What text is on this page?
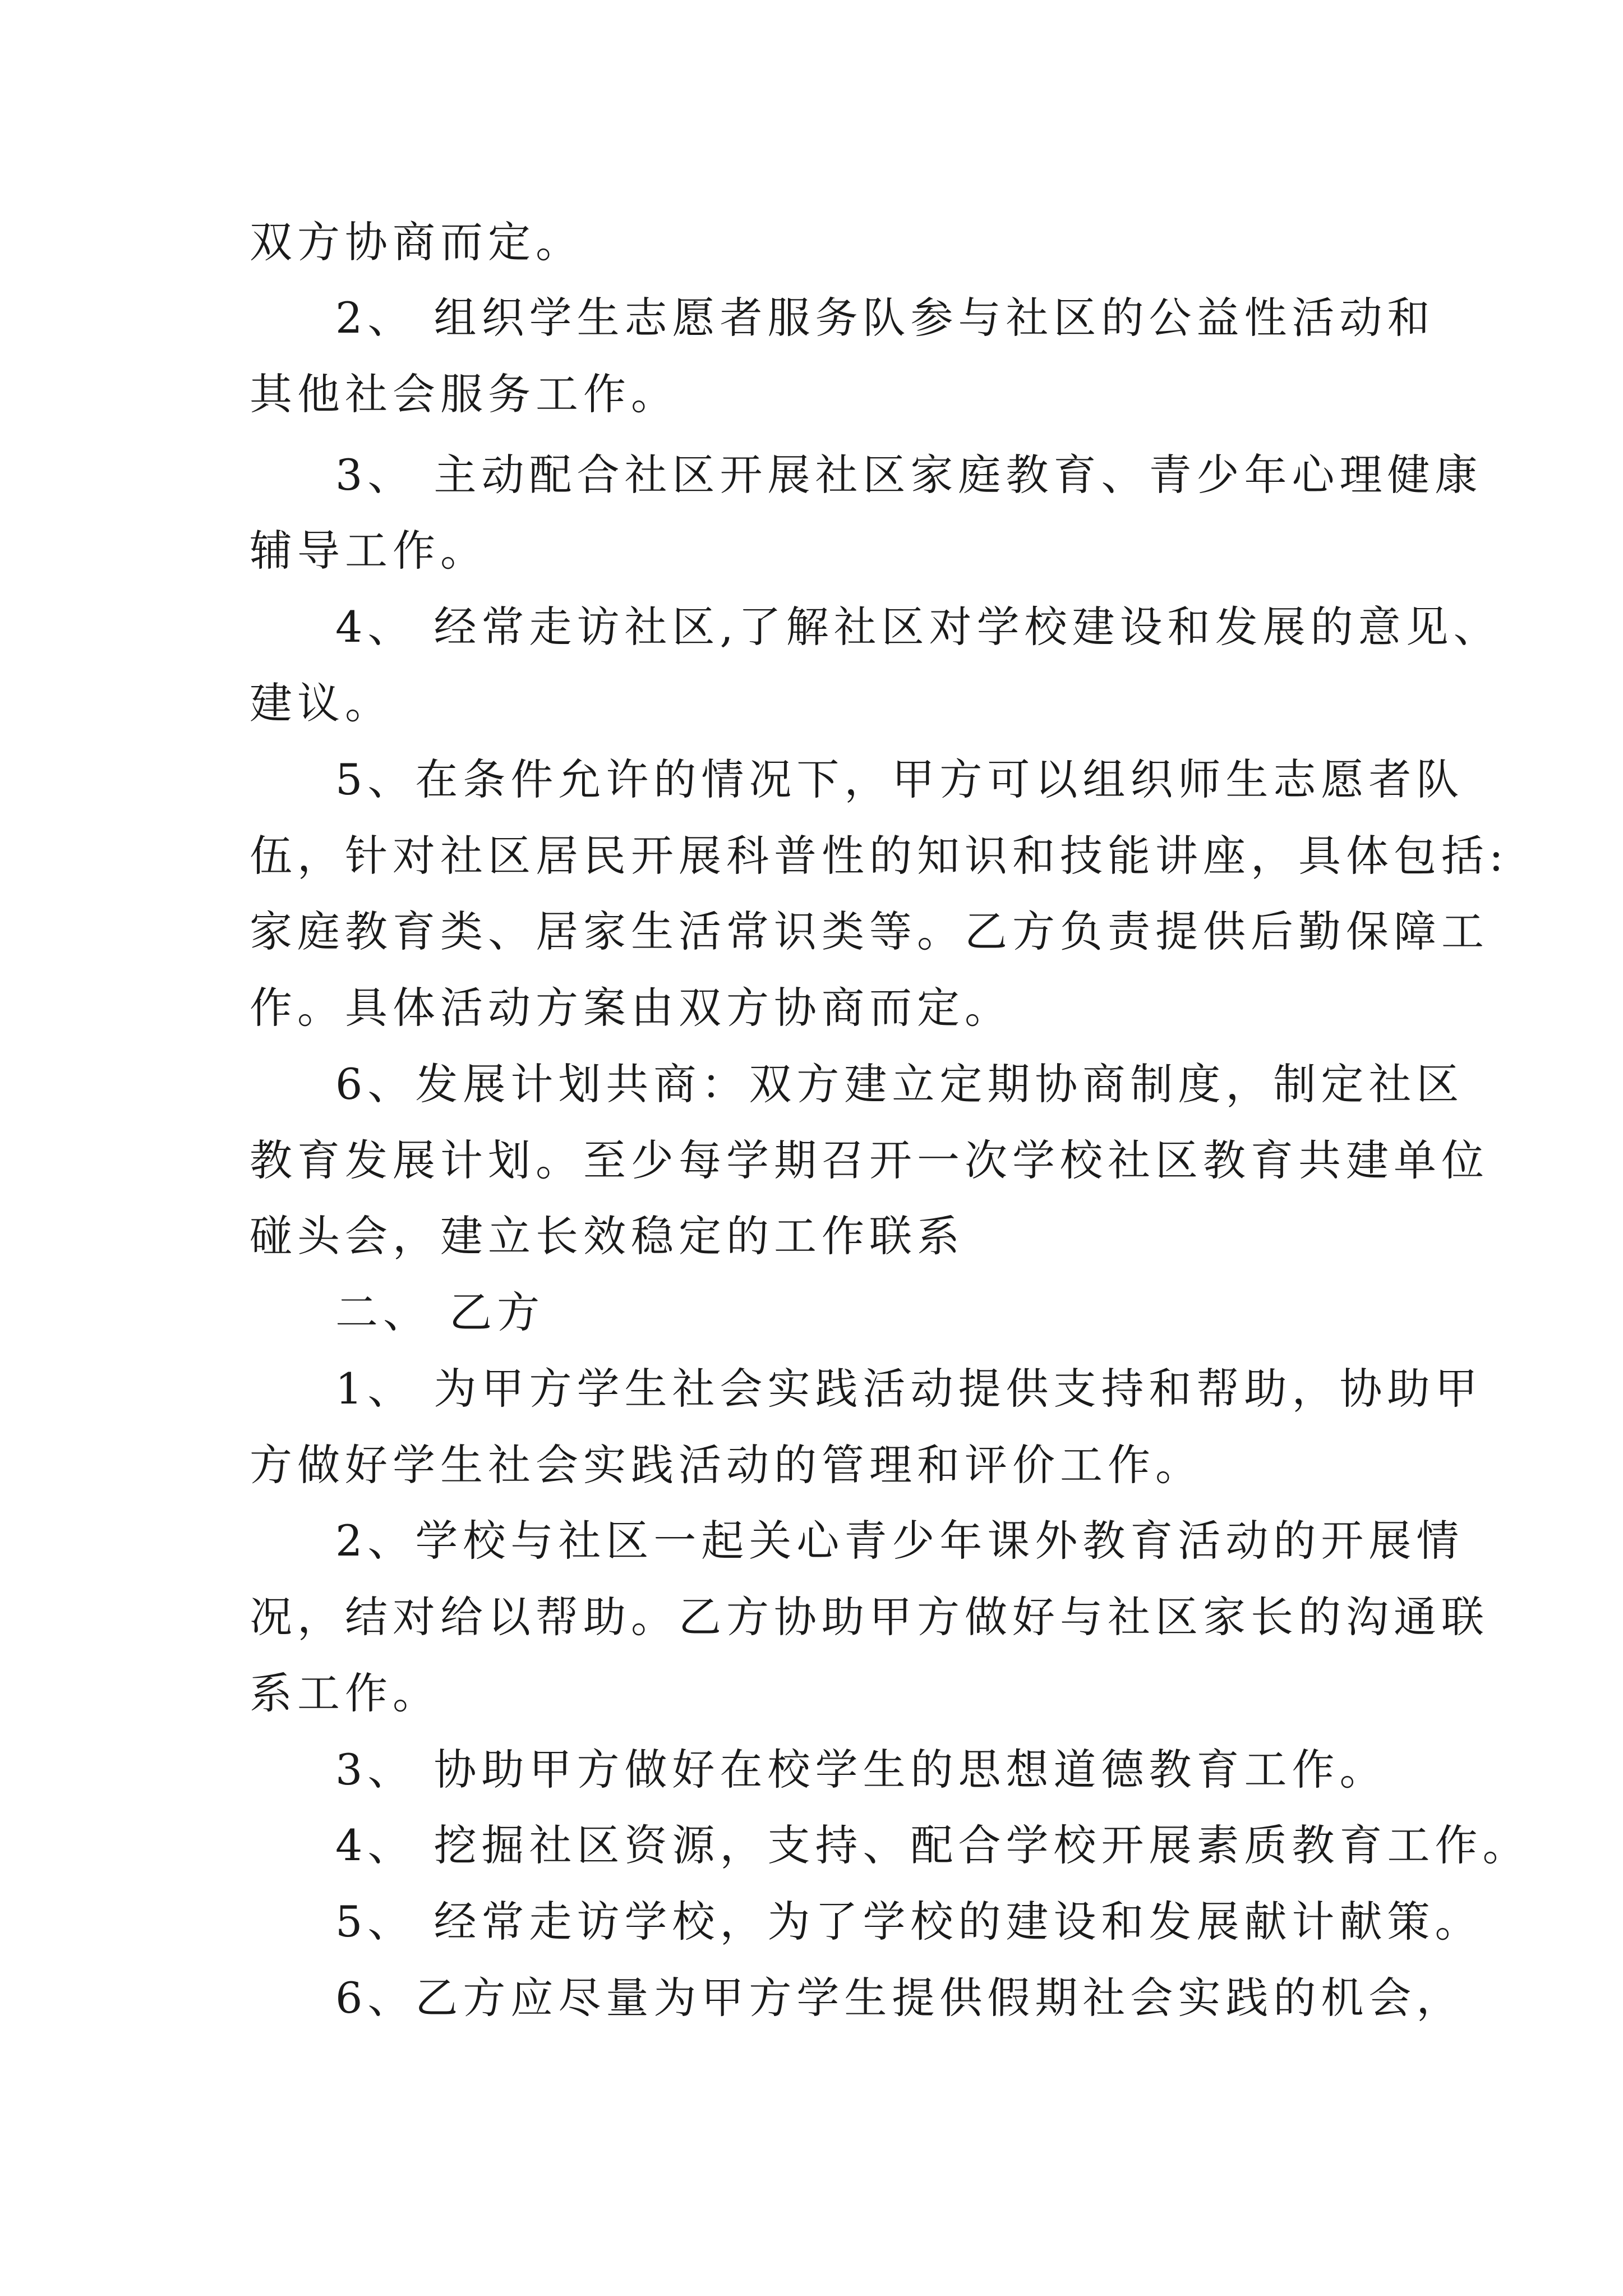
双方协商而定。
2、 组织学生志愿者服务队参与社区的公益性活动和
其他社会服务工作。
3、 主动配合社区开展社区家庭教育、青少年心理健康
辅导工作。
4、 经常走访社区,了解社区对学校建设和发展的意见、
建议。
5、在条件允许的情况下，甲方可以组织师生志愿者队
伍，针对社区居民开展科普性的知识和技能讲座，具体包括:
家庭教育类、居家生活常识类等。乙方负责提供后勤保障工
作。具体活动方案由双方协商而定。
6、发展计划共商：双方建立定期协商制度，制定社区
教育发展计划。至少每学期召开一次学校社区教育共建单位
碰头会，建立长效稳定的工作联系
二、 乙方
1、 为甲方学生社会实践活动提供支持和帮助，协助甲
方做好学生社会实践活动的管理和评价工作。
2、学校与社区一起关心青少年课外教育活动的开展情
况，结对给以帮助。乙方协助甲方做好与社区家长的沟通联
系工作。
3、 协助甲方做好在校学生的思想道德教育工作。
4、 挖掘社区资源，支持、配合学校开展素质教育工作。
5、 经常走访学校，为了学校的建设和发展献计献策。
6、乙方应尽量为甲方学生提供假期社会实践的机会，
